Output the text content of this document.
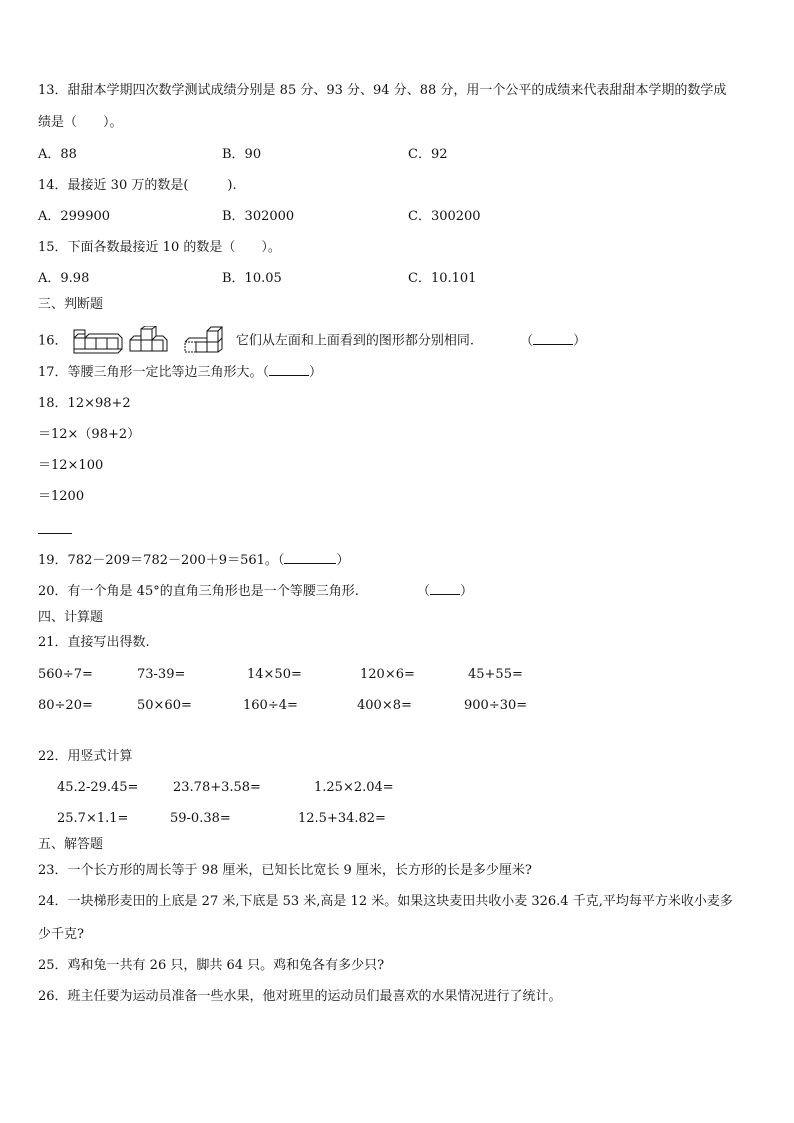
13．甜甜本学期四次数学测试成绩分别是 85 分、93 分、94 分、88 分，用一个公平的成绩来代表甜甜本学期的数学成
绩是（　　）。
A．88	B．90	C．92
14．最接近 30 万的数是(　　　).
A．299900	B．302000	C．300200
15．下面各数最接近 10 的数是（　　）。
A．9.98	B．10.05	C．10.101
三、判断题
16．	它们从左面和上面看到的图形都分别相同.	（	）
17．等腰三角形一定比等边三角形大。（	）
18．12×98+2
＝12×（98+2）
＝12×100
＝1200
19．782－209＝782－200＋9＝561。（	）
20．有一个角是 45°的直角三角形也是一个等腰三角形.	（ ）
四、计算题
21．直接写出得数.
560÷7=	73-39=	14×50=	120×6=	45+55=
80÷20=	50×60=	160÷4=	400×8=	900÷30=
22．用竖式计算
45.2-29.45=	23.78+3.58=	1.25×2.04=
25.7×1.1=	59-0.38=	12.5+34.82=
五、解答题
23．一个长方形的周长等于 98 厘米，已知长比宽长 9 厘米，长方形的长是多少厘米?
24．一块梯形麦田的上底是 27 米,下底是 53 米,高是 12 米。如果这块麦田共收小麦 326.4 千克,平均每平方米收小麦多
少千克?
25．鸡和兔一共有 26 只，脚共 64 只。鸡和兔各有多少只?
26．班主任要为运动员准备一些水果，他对班里的运动员们最喜欢的水果情况进行了统计。
